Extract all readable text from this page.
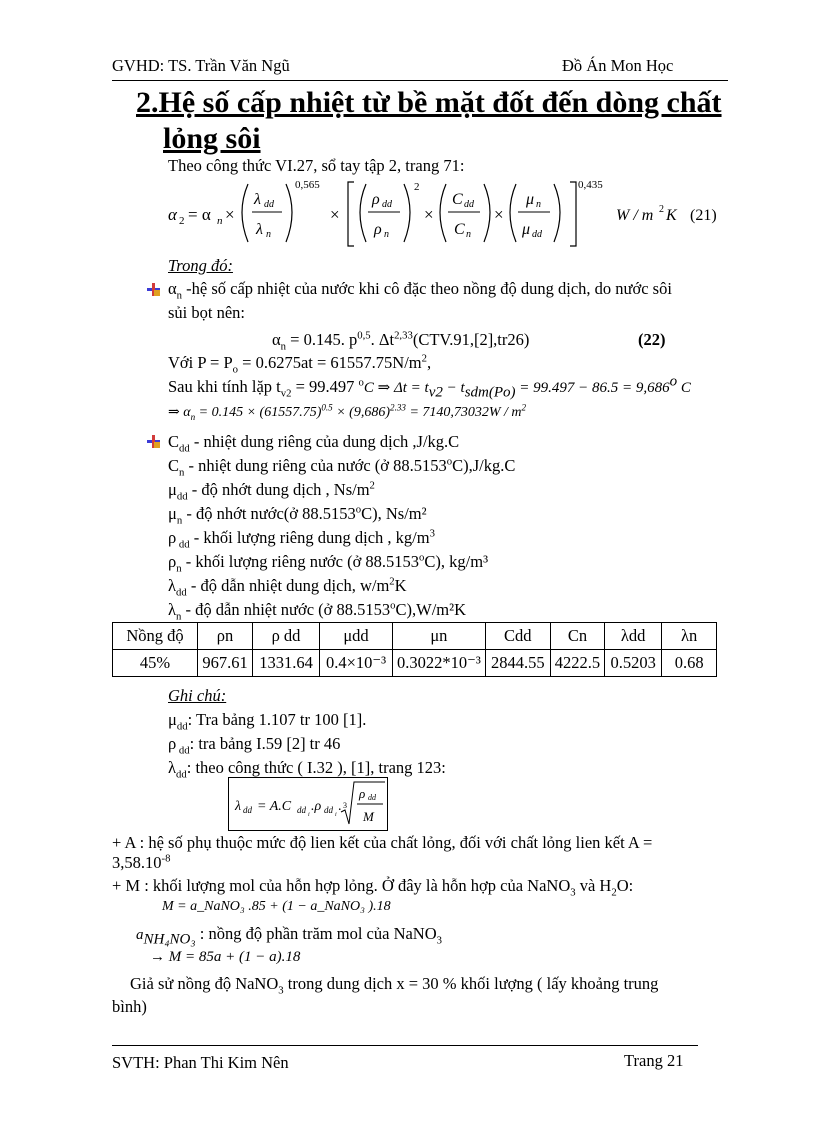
GVHD: TS. Trần Văn Ngũ	Đồ Án Mon Học
2.Hệ số cấp nhiệt từ bề mặt đốt đến dòng chất
lỏng sôi
Theo công thức VI.27, sổ tay tập 2, trang 71:
α 2 = α n ×
λ dd
λ n
0,565
×
ρ dd
ρ n
2
×
C dd
C n
×
μ n
μ dd
0,435
W / m 2 K (21)
Trong đó:
$\alpha_n$ -hệ số cấp nhiệt của nước khi cô đặc theo nồng độ dung dịch, do nước sôi
sủi bọt nên:
$\alpha_n = 0.145$. $p^{0,5}$. Δt$^{2,33}$(CTV.91,[2],tr26)	(22)
Với $P = P_o = 0.6275at = 61557.75N/m^2$,
Sau khi tính lặp $t_{v2} = 99.497$ $^o$C ⇒ $\Delta t = t_{v2} - t_{sdm(Po)} = 99.497 - 86.5 = 9,686^o$ C
⇒ $\alpha_n = 0.145 \times (61557.75)^{0.5} \times (9,686)^{2.33} = 7140,73032W / m^2$
$C_{dd}$ - nhiệt dung riêng của dung dịch ,J/kg.C
$C_n$ - nhiệt dung riêng của nước (ở 88.5153$^o$C),J/kg.C
$\mu_{dd}$ - độ nhớt dung dịch , $Ns/m^2$
$\mu_n$ - độ nhớt nước(ở 88.5153$^o$C), Ns/m²
ρ $_{dd}$ - khối lượng riêng dung dịch , $kg/m^3$
$\rho_n$ - khối lượng riêng nước (ở 88.5153$^o$C), kg/m³
$\lambda_{dd}$ - độ dẫn nhiệt dung dịch, $w/m^2K$
$\lambda_n$ - độ dẫn nhiệt nước (ở 88.5153$^o$C),W/m²K
Nồng độ	ρn	ρ dd	μdd	μn	Cdd	Cn	λdd	λn
45%	967.61	1331.64	0.4×10⁻³	0.3022*10⁻³	2844.55	4222.5	0.5203	0.68
Ghi chú:
$\mu_{dd}$: Tra bảng 1.107 tr 100 [1].
ρ $_{dd}$: tra bảng I.59 [2] tr 46
$\lambda_{dd}$: theo công thức ( I.32 ), [1], trang 123:
λ dd = A.C dd i
.ρ dd i
. 3
ρ dd
M
+ A : hệ số phụ thuộc mức độ lien kết của chất lỏng, đối với chất lỏng lien kết A =
$3,58.10^{-8}$
+ M : khối lượng mol của hỗn hợp lỏng. Ở đây là hỗn hợp của NaNO$_3$ và $H_2O$:
M = a_NaNO₃ .85 + (1 − a_NaNO₃ ).18
$a_{NH_4NO_3}$ : nồng độ phần trăm mol của NaNO$_3$
→ M = 85a + (1 − a).18
Giả sử nồng độ NaNO$_3$ trong dung dịch x = 30 % khối lượng ( lấy khoảng trung
bình)
SVTH: Phan Thi Kim Nên	Trang 21
